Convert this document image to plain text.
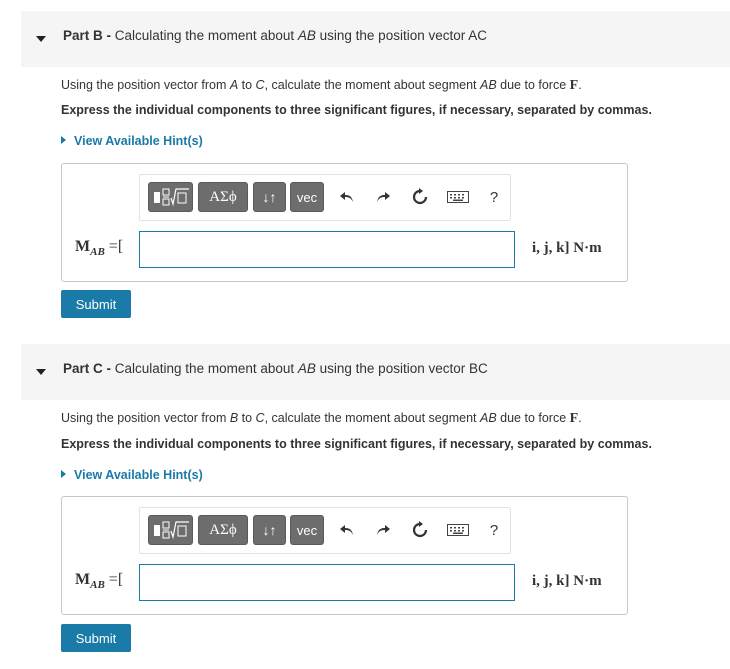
Part B - Calculating the moment about AB using the position vector AC
Using the position vector from A to C, calculate the moment about segment AB due to force F.
Express the individual components to three significant figures, if necessary, separated by commas.
View Available Hint(s)
ΑΣϕ	↓↑	vec	?
$M_{AB}$ =[	i, j, k] N·m
Submit
Part C - Calculating the moment about AB using the position vector BC
Using the position vector from B to C, calculate the moment about segment AB due to force F.
Express the individual components to three significant figures, if necessary, separated by commas.
View Available Hint(s)
ΑΣϕ	↓↑	vec	?
$M_{AB}$ =[	i, j, k] N·m
Submit
